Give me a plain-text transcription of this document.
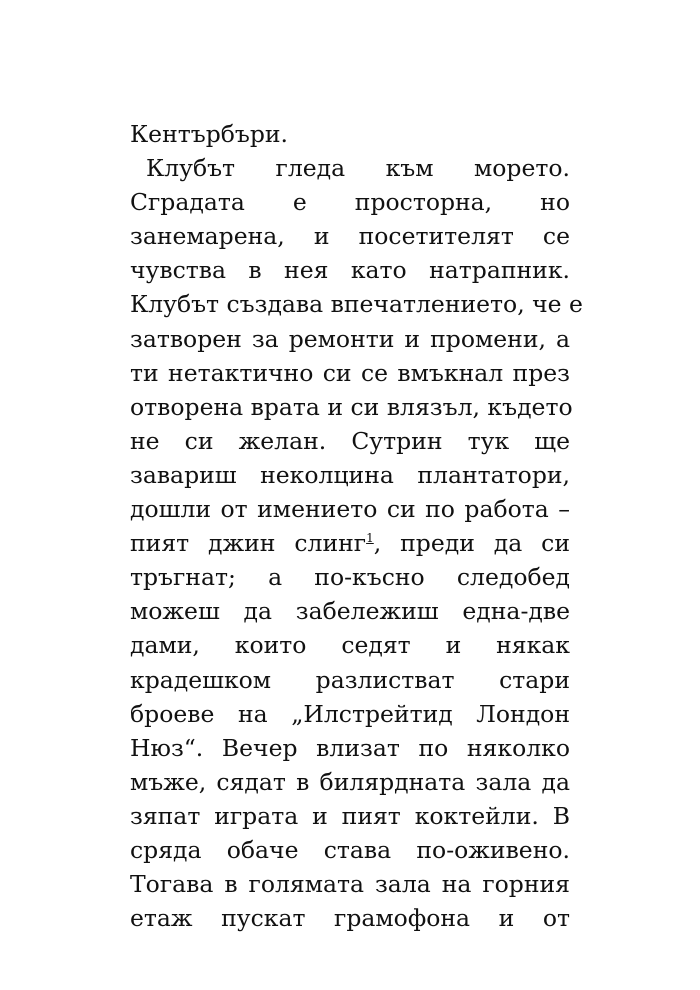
Кентърбъри.
Клубът гледа към морето.
Сградата е просторна, но
занемарена, и посетителят се
чувства в нея като натрапник.
Клубът създава впечатлението, че е
затворен за ремонти и промени, а
ти нетактично си се вмъкнал през
отворена врата и си влязъл, където
не си желан. Сутрин тук ще
завариш неколцина плантатори,
дошли от имението си по работа –
пият джин слинг$^1$, преди да си
тръгнат; а по-късно следобед
можеш да забележиш една-две
дами, които седят и някак
крадешком разлистват стари
броеве на „Илстрейтид Лондон
Нюз“. Вечер влизат по няколко
мъже, сядат в билярдната зала да
зяпат играта и пият коктейли. В
сряда обаче става по-оживено.
Тогава в голямата зала на горния
етаж пускат грамофона и от
